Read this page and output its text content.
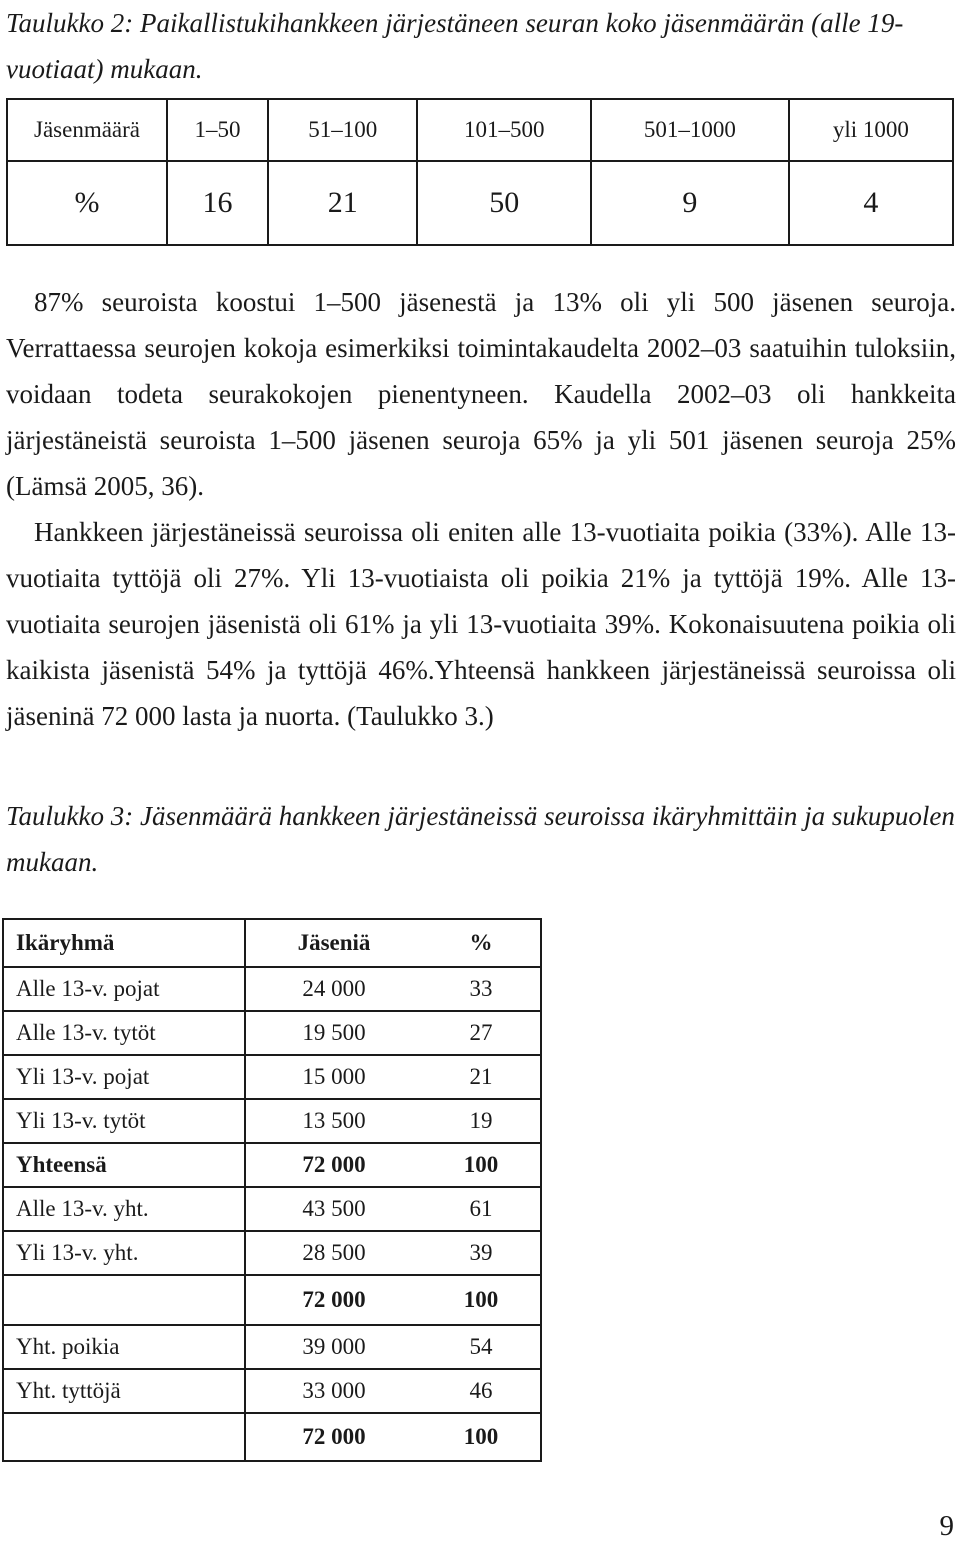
Taulukko 2: Paikallistukihankkeen järjestäneen seuran koko jäsenmäärän (alle 19-vuotiaat) mukaan.

Jäsenmäärä	1–50	51–100	101–500	501–1000	yli 1000
%	16	21	50	9	4

87% seuroista koostui 1–500 jäsenestä ja 13% oli yli 500 jäsenen seuroja. Verrattaessa seurojen kokoja esimerkiksi toimintakaudelta 2002–03 saatuihin tuloksiin, voidaan todeta seurakokojen pienentyneen. Kaudella 2002–03 oli hankkeita järjestäneistä seuroista 1–500 jäsenen seuroja 65% ja yli 501 jäsenen seuroja 25% (Lämsä 2005, 36).

Hankkeen järjestäneissä seuroissa oli eniten alle 13-vuotiaita poikia (33%). Alle 13-vuotiaita tyttöjä oli 27%. Yli 13-vuotiaista oli poikia 21% ja tyttöjä 19%. Alle 13-vuotiaita seurojen jäsenistä oli 61% ja yli 13-vuotiaita 39%. Kokonaisuutena poikia oli kaikista jäsenistä 54% ja tyttöjä 46%.Yhteensä hankkeen järjestäneissä seuroissa oli jäseninä 72 000 lasta ja nuorta. (Taulukko 3.)

Taulukko 3: Jäsenmäärä hankkeen järjestäneissä seuroissa ikäryhmittäin ja sukupuolen mukaan.

Ikäryhmä	Jäseniä	%
Alle 13-v. pojat	24 000	33
Alle 13-v. tytöt	19 500	27
Yli 13-v. pojat	15 000	21
Yli 13-v. tytöt	13 500	19
Yhteensä	72 000	100
Alle 13-v. yht.	43 500	61
Yli 13-v. yht.	28 500	39
	72 000	100
Yht. poikia	39 000	54
Yht. tyttöjä	33 000	46
	72 000	100
9
